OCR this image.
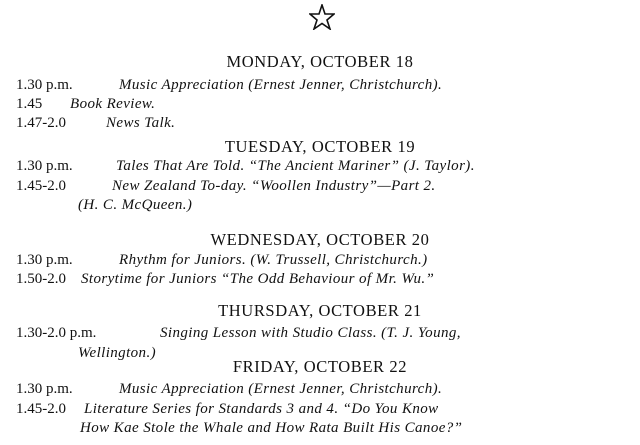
MONDAY, OCTOBER 18
1.30 p.m.	Music Appreciation (Ernest Jenner, Christchurch).
1.45 Book Review.
1.47-2.0	News Talk.
TUESDAY, OCTOBER 19
1.30 p.m.	Tales That Are Told. “The Ancient Mariner” (J. Taylor).
1.45-2.0	New Zealand To-day. “Woollen Industry”—Part 2.
(H. C. McQueen.)
WEDNESDAY, OCTOBER 20
1.30 p.m.	Rhythm for Juniors. (W. Trussell, Christchurch.)
1.50-2.0 Storytime for Juniors “The Odd Behaviour of Mr. Wu.”
THURSDAY, OCTOBER 21
1.30-2.0 p.m.	Singing Lesson with Studio Class. (T. J. Young,
Wellington.)
FRIDAY, OCTOBER 22
1.30 p.m.	Music Appreciation (Ernest Jenner, Christchurch).
1.45-2.0 Literature Series for Standards 3 and 4. “Do You Know
How Kae Stole the Whale and How Rata Built His Canoe?”
